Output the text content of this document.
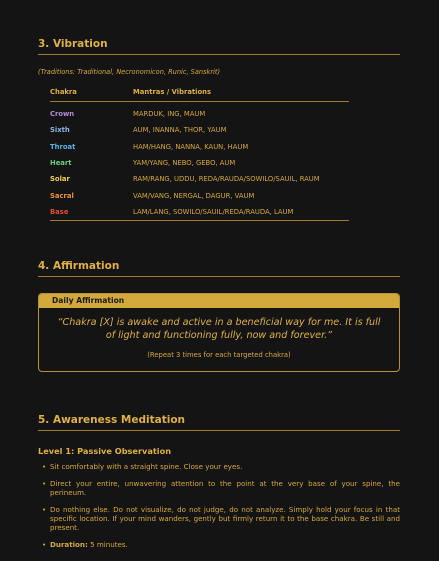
3. Vibration
(Traditions: Traditional, Necronomicon, Runic, Sanskrit)
Chakra	Mantras / Vibrations
Crown	MARDUK, ING, MAUM
Sixth	AUM, INANNA, THOR, YAUM
Throat	HAM/HANG, NANNA, KAUN, HAUM
Heart	YAM/YANG, NEBO, GEBO, AUM
Solar	RAM/RANG, UDDU, REDA/RAUDA/SOWILO/SAUIL, RAUM
Sacral	VAM/VANG, NERGAL, DAGUR, VAUM
Base	LAM/LANG, SOWILO/SAUIL/REDA/RAUDA, LAUM
4. Affirmation
Daily Affirmation
“Chakra [X] is awake and active in a beneficial way for me. It is full of light and functioning fully, now and forever.”
(Repeat 3 times for each targeted chakra)
5. Awareness Meditation
Level 1: Passive Observation
• Sit comfortably with a straight spine. Close your eyes.
• Direct your entire, unwavering attention to the point at the very base of your spine, the perineum.
• Do nothing else. Do not visualize, do not judge, do not analyze. Simply hold your focus in that specific location. If your mind wanders, gently but firmly return it to the base chakra. Be still and present.
• Duration: 5 minutes.
